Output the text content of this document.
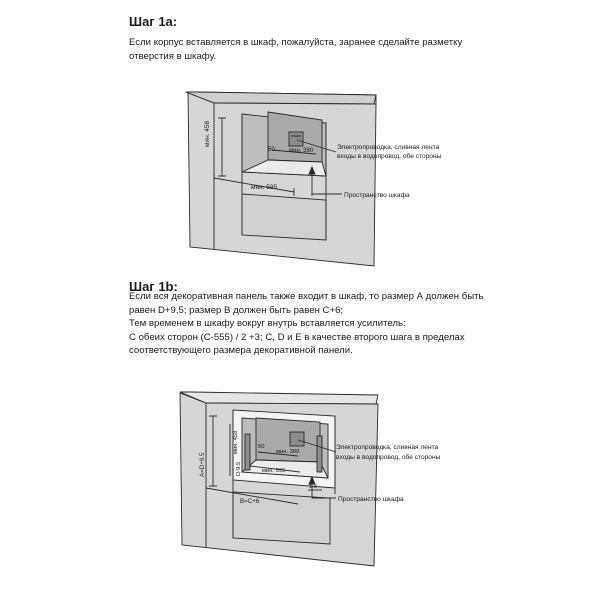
Шаг 1а:
Если корпус вставляется в шкаф, пожалуйста, заранее сделайте разметку
отверстия в шкафу.
Шаг 1b:
Если вся декоративная панель также входит в шкаф, то размер А должен быть
равен D+9,5; размер В должен быть равен С+6;
Тем временем в шкафу вокруг внутрь вставляется усилитель:
С обеих сторон (С-555) / 2 +3; С, D и E в качестве второго шага в пределах
соответствующего размера декоративной панели.
мин. 458
мин. 595
мин. 380
50	Электропроводка, сливная лента
входы в водопровод, обе стороны
Пространство шкафа
А=D+9.5	D-9.5
мин. 458
В=С+6
мин. 595
мин. 380
50
1.5
Электропроводка, сливная лента
входы в водопровод, обе стороны
Пространство шкафа
